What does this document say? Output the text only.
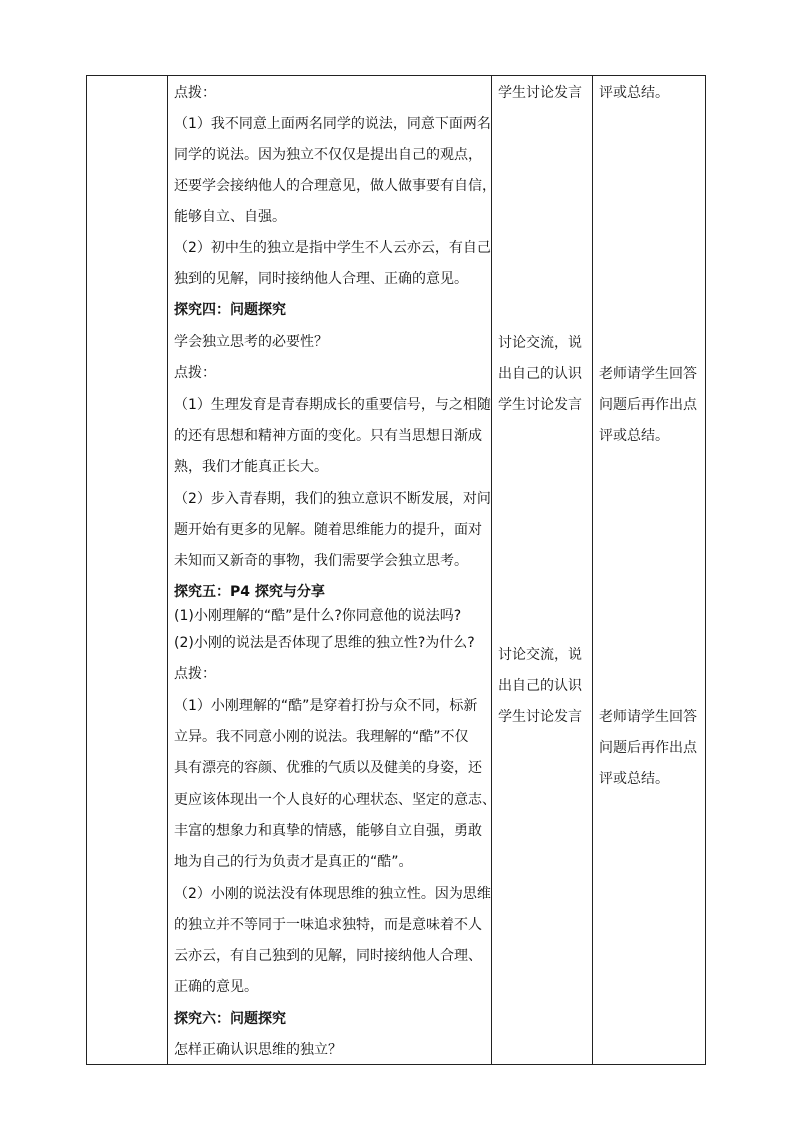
点拨：
（1）我不同意上面两名同学的说法，同意下面两名
同学的说法。因为独立不仅仅是提出自己的观点，
还要学会接纳他人的合理意见，做人做事要有自信，
能够自立、自强。
（2）初中生的独立是指中学生不人云亦云，有自己
独到的见解，同时接纳他人合理、正确的意见。
探究四：问题探究
学会独立思考的必要性？
点拨：
（1）生理发育是青春期成长的重要信号，与之相随
的还有思想和精神方面的变化。只有当思想日渐成
熟，我们才能真正长大。
（2）步入青春期，我们的独立意识不断发展，对问
题开始有更多的见解。随着思维能力的提升，面对
未知而又新奇的事物，我们需要学会独立思考。
探究五：P4 探究与分享
(1)小刚理解的“酷”是什么?你同意他的说法吗?
(2)小刚的说法是否体现了思维的独立性?为什么?
点拨：
（1）小刚理解的“酷”是穿着打扮与众不同，标新
立异。我不同意小刚的说法。我理解的“酷”不仅
具有漂亮的容颜、优雅的气质以及健美的身姿，还
更应该体现出一个人良好的心理状态、坚定的意志、
丰富的想象力和真挚的情感，能够自立自强，勇敢
地为自己的行为负责才是真正的“酷”。
（2）小刚的说法没有体现思维的独立性。因为思维
的独立并不等同于一味追求独特，而是意味着不人
云亦云，有自己独到的见解，同时接纳他人合理、
正确的意见。
探究六：问题探究
怎样正确认识思维的独立？
学生讨论发言
讨论交流，说
出自己的认识
学生讨论发言
讨论交流，说
出自己的认识
学生讨论发言
评或总结。
老师请学生回答
问题后再作出点
评或总结。
老师请学生回答
问题后再作出点
评或总结。
